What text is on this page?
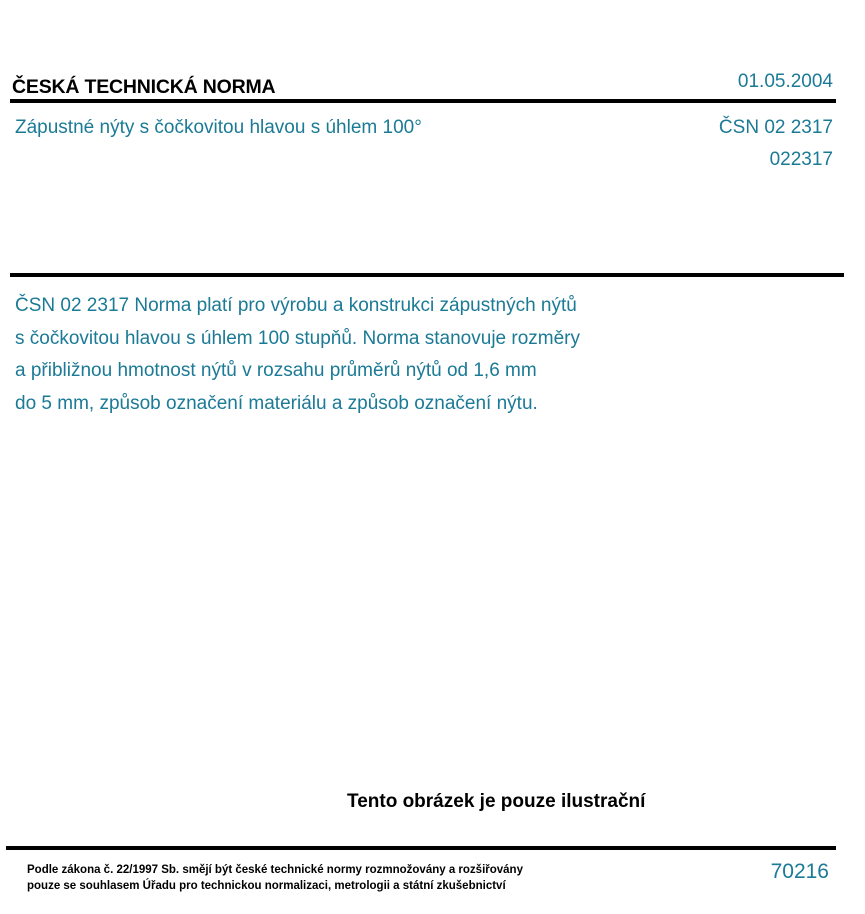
ČESKÁ TECHNICKÁ NORMA	01.05.2004
Zápustné nýty s čočkovitou hlavou s úhlem 100°	ČSN 02 2317
022317
ČSN 02 2317 Norma platí pro výrobu a konstrukci zápustných nýtů
s čočkovitou hlavou s úhlem 100 stupňů. Norma stanovuje rozměry
a přibližnou hmotnost nýtů v rozsahu průměrů nýtů od 1,6 mm
do 5 mm, způsob označení materiálu a způsob označení nýtu.
Tento obrázek je pouze ilustrační
Podle zákona č. 22/1997 Sb. smějí být české technické normy rozmnožovány a rozšiřovány
pouze se souhlasem Úřadu pro technickou normalizaci, metrologii a státní zkušebnictví
70216
